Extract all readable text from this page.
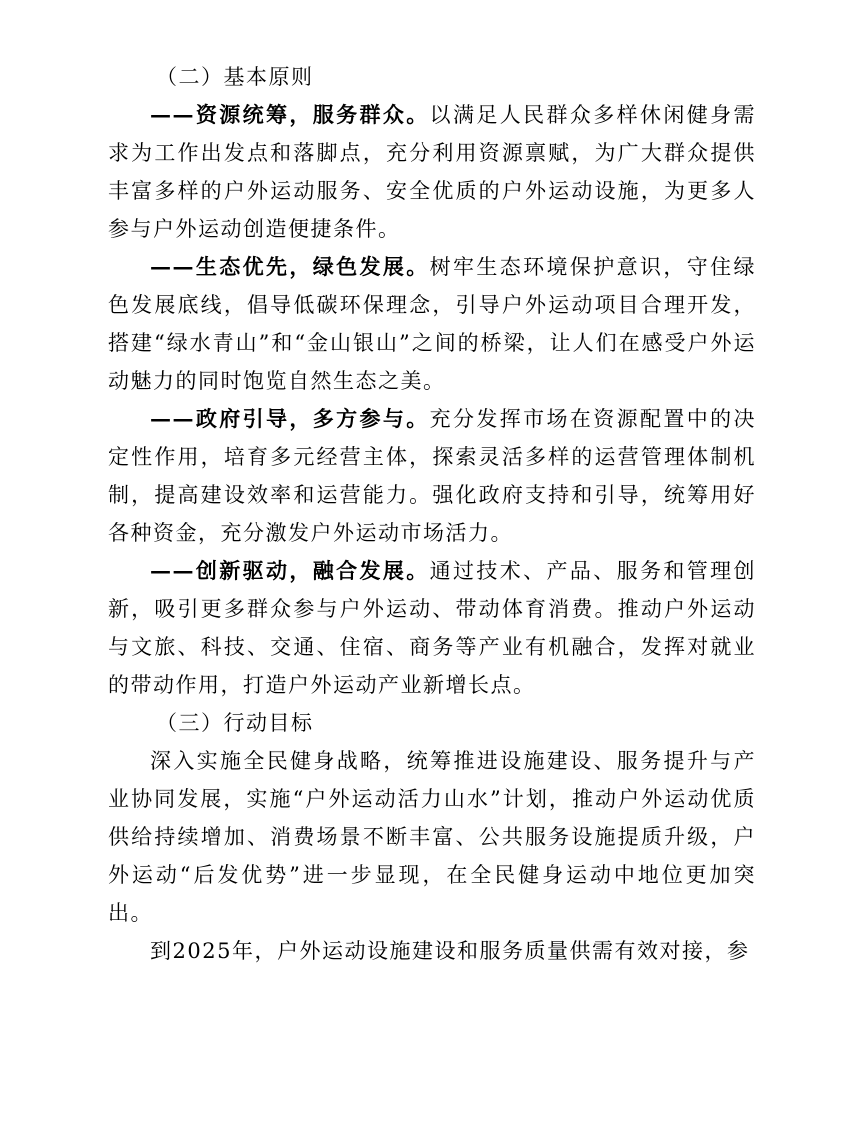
（二）基本原则

——资源统筹，服务群众。以满足人民群众多样休闲健身需求为工作出发点和落脚点，充分利用资源禀赋，为广大群众提供丰富多样的户外运动服务、安全优质的户外运动设施，为更多人参与户外运动创造便捷条件。

——生态优先，绿色发展。树牢生态环境保护意识，守住绿色发展底线，倡导低碳环保理念，引导户外运动项目合理开发，搭建“绿水青山”和“金山银山”之间的桥梁，让人们在感受户外运动魅力的同时饱览自然生态之美。

——政府引导，多方参与。充分发挥市场在资源配置中的决定性作用，培育多元经营主体，探索灵活多样的运营管理体制机制，提高建设效率和运营能力。强化政府支持和引导，统筹用好各种资金，充分激发户外运动市场活力。

——创新驱动，融合发展。通过技术、产品、服务和管理创新，吸引更多群众参与户外运动、带动体育消费。推动户外运动与文旅、科技、交通、住宿、商务等产业有机融合，发挥对就业的带动作用，打造户外运动产业新增长点。

（三）行动目标

深入实施全民健身战略，统筹推进设施建设、服务提升与产业协同发展，实施“户外运动活力山水”计划，推动户外运动优质供给持续增加、消费场景不断丰富、公共服务设施提质升级，户外运动“后发优势”进一步显现，在全民健身运动中地位更加突出。

到2025年，户外运动设施建设和服务质量供需有效对接，参
